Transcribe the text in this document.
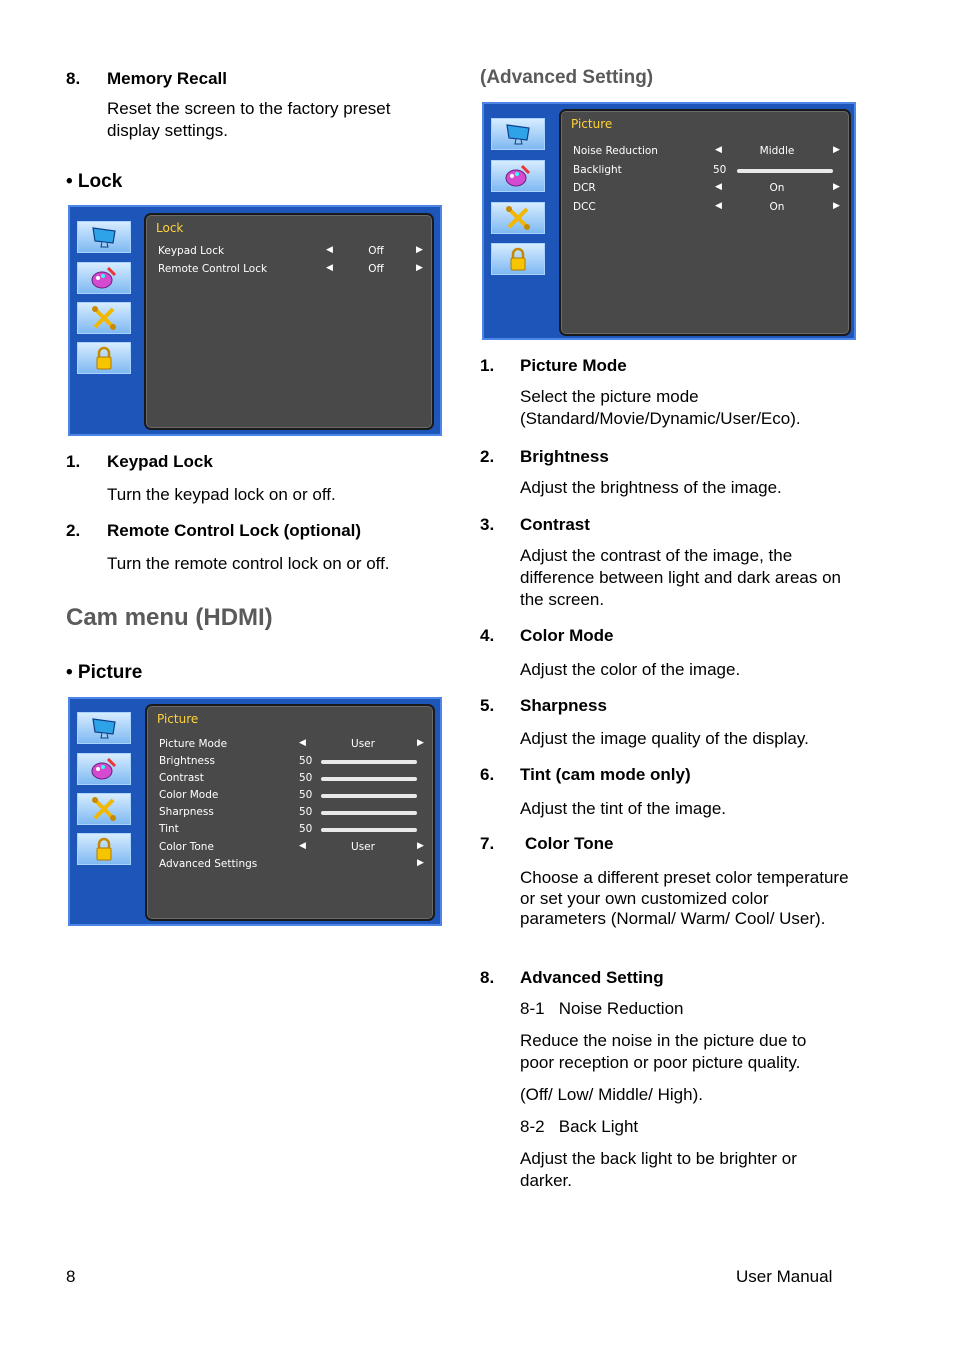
8. Memory Recall
Reset the screen to the factory preset display settings.
• Lock
Lock
Keypad Lock	◀	Off	▶
Remote Control Lock	◀	Off	▶
1. Keypad Lock
Turn the keypad lock on or off.
2. Remote Control Lock (optional)
Turn the remote control lock on or off.
Cam menu (HDMI)
• Picture
Picture
Picture Mode	◀	User	▶
Brightness	50
Contrast	50
Color Mode	50
Sharpness	50
Tint	50
Color Tone	◀	User	▶
Advanced Settings	▶
(Advanced Setting)
Picture
Noise Reduction	◀	Middle	▶
Backlight	50
DCR	◀	On	▶
DCC	◀	On	▶
1. Picture Mode
Select the picture mode (Standard/Movie/Dynamic/User/Eco).
2. Brightness
Adjust the brightness of the image.
3. Contrast
Adjust the contrast of the image, the difference between light and dark areas on the screen.
4. Color Mode
Adjust the color of the image.
5. Sharpness
Adjust the image quality of the display.
6. Tint (cam mode only)
Adjust the tint of the image.
7. Color Tone
Choose a different preset color temperature or set your own customized color parameters (Normal/ Warm/ Cool/ User).
8. Advanced Setting
8-1   Noise Reduction
Reduce the noise in the picture due to poor reception or poor picture quality.
(Off/ Low/ Middle/ High).
8-2   Back Light
Adjust the back light to be brighter or darker.
8	User Manual
